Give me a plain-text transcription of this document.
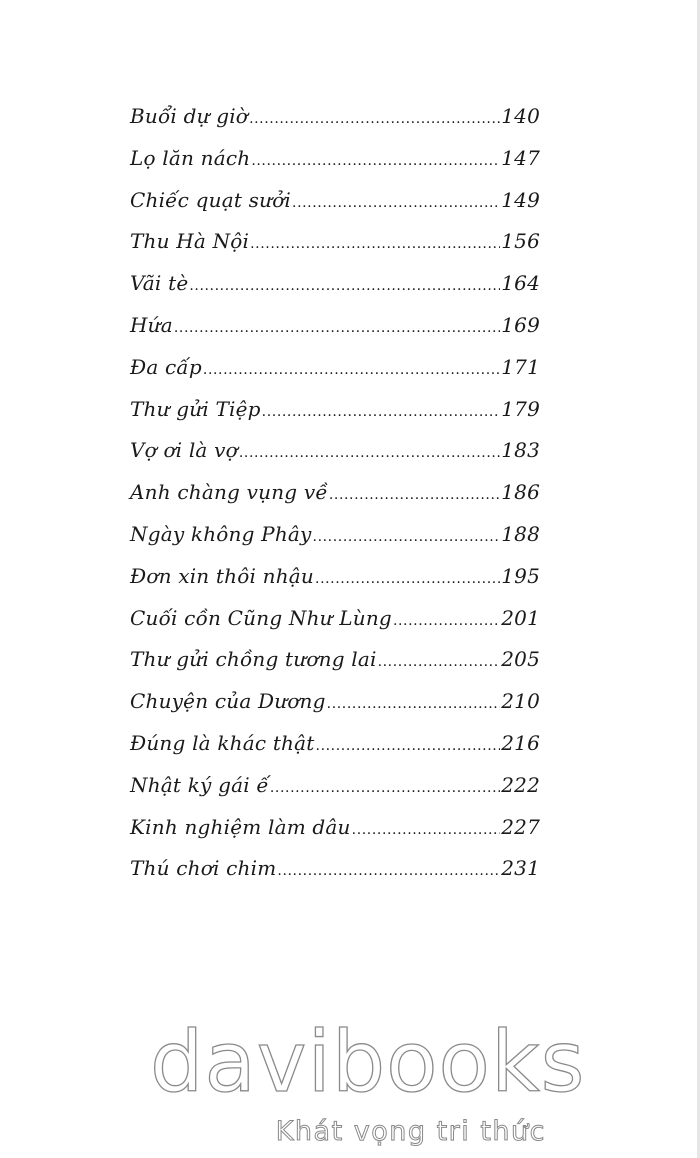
Buổi dự giờ .....	140
Lọ lăn nách .....	147
Chiếc quạt sưởi .....	149
Thu Hà Nội .....	156
Vãi tè .....	164
Hứa .....	169
Đa cấp .....	171
Thư gửi Tiệp .....	179
Vợ ơi là vợ .....	183
Anh chàng vụng về .....	186
Ngày không Phây .....	188
Đơn xin thôi nhậu .....	195
Cuối cồn Cũng Như Lùng .....	201
Thư gửi chồng tương lai .....	205
Chuyện của Dương .....	210
Đúng là khác thật .....	216
Nhật ký gái ế .....	222
Kinh nghiệm làm dâu .....	227
Thú chơi chim .....	231
davibooks
Khát vọng tri thức
